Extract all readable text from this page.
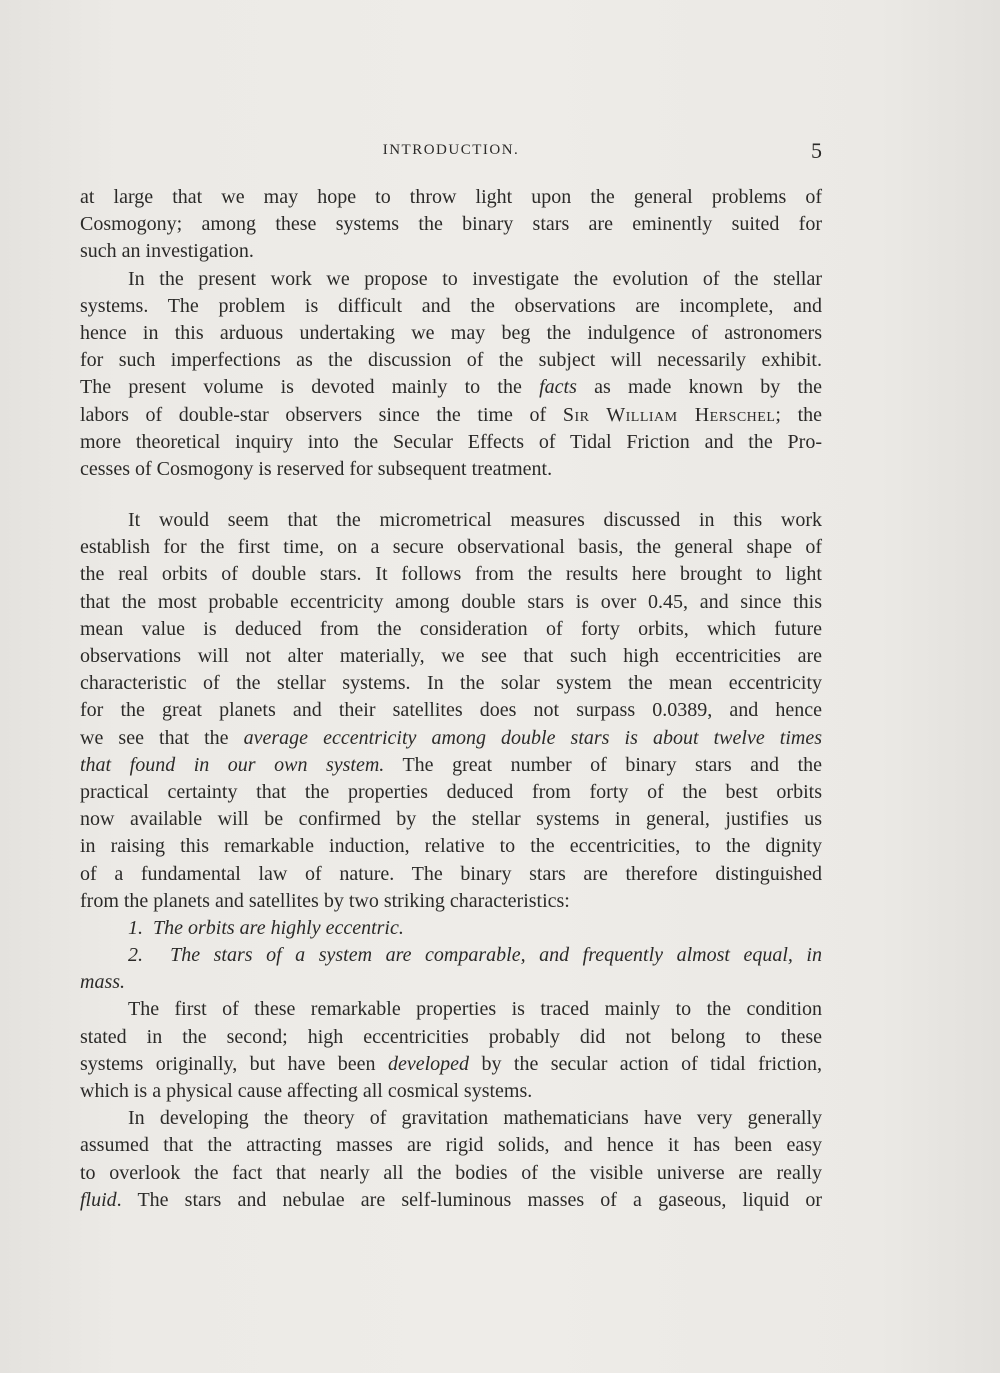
INTRODUCTION.	5
at large that we may hope to throw light upon the general problems of
Cosmogony; among these systems the binary stars are eminently suited for
such an investigation.
In the present work we propose to investigate the evolution of the stellar
systems. The problem is difficult and the observations are incomplete, and
hence in this arduous undertaking we may beg the indulgence of astronomers
for such imperfections as the discussion of the subject will necessarily exhibit.
The present volume is devoted mainly to the facts as made known by the
labors of double-star observers since the time of Sir William Herschel; the
more theoretical inquiry into the Secular Effects of Tidal Friction and the Pro-
cesses of Cosmogony is reserved for subsequent treatment.
It would seem that the micrometrical measures discussed in this work
establish for the first time, on a secure observational basis, the general shape of
the real orbits of double stars. It follows from the results here brought to light
that the most probable eccentricity among double stars is over 0.45, and since this
mean value is deduced from the consideration of forty orbits, which future
observations will not alter materially, we see that such high eccentricities are
characteristic of the stellar systems. In the solar system the mean eccentricity
for the great planets and their satellites does not surpass 0.0389, and hence
we see that the average eccentricity among double stars is about twelve times
that found in our own system. The great number of binary stars and the
practical certainty that the properties deduced from forty of the best orbits
now available will be confirmed by the stellar systems in general, justifies us
in raising this remarkable induction, relative to the eccentricities, to the dignity
of a fundamental law of nature. The binary stars are therefore distinguished
from the planets and satellites by two striking characteristics:
1.  The orbits are highly eccentric.
2.  The stars of a system are comparable, and frequently almost equal, in
mass.
The first of these remarkable properties is traced mainly to the condition
stated in the second; high eccentricities probably did not belong to these
systems originally, but have been developed by the secular action of tidal friction,
which is a physical cause affecting all cosmical systems.
In developing the theory of gravitation mathematicians have very generally
assumed that the attracting masses are rigid solids, and hence it has been easy
to overlook the fact that nearly all the bodies of the visible universe are really
fluid. The stars and nebulae are self-luminous masses of a gaseous, liquid or
